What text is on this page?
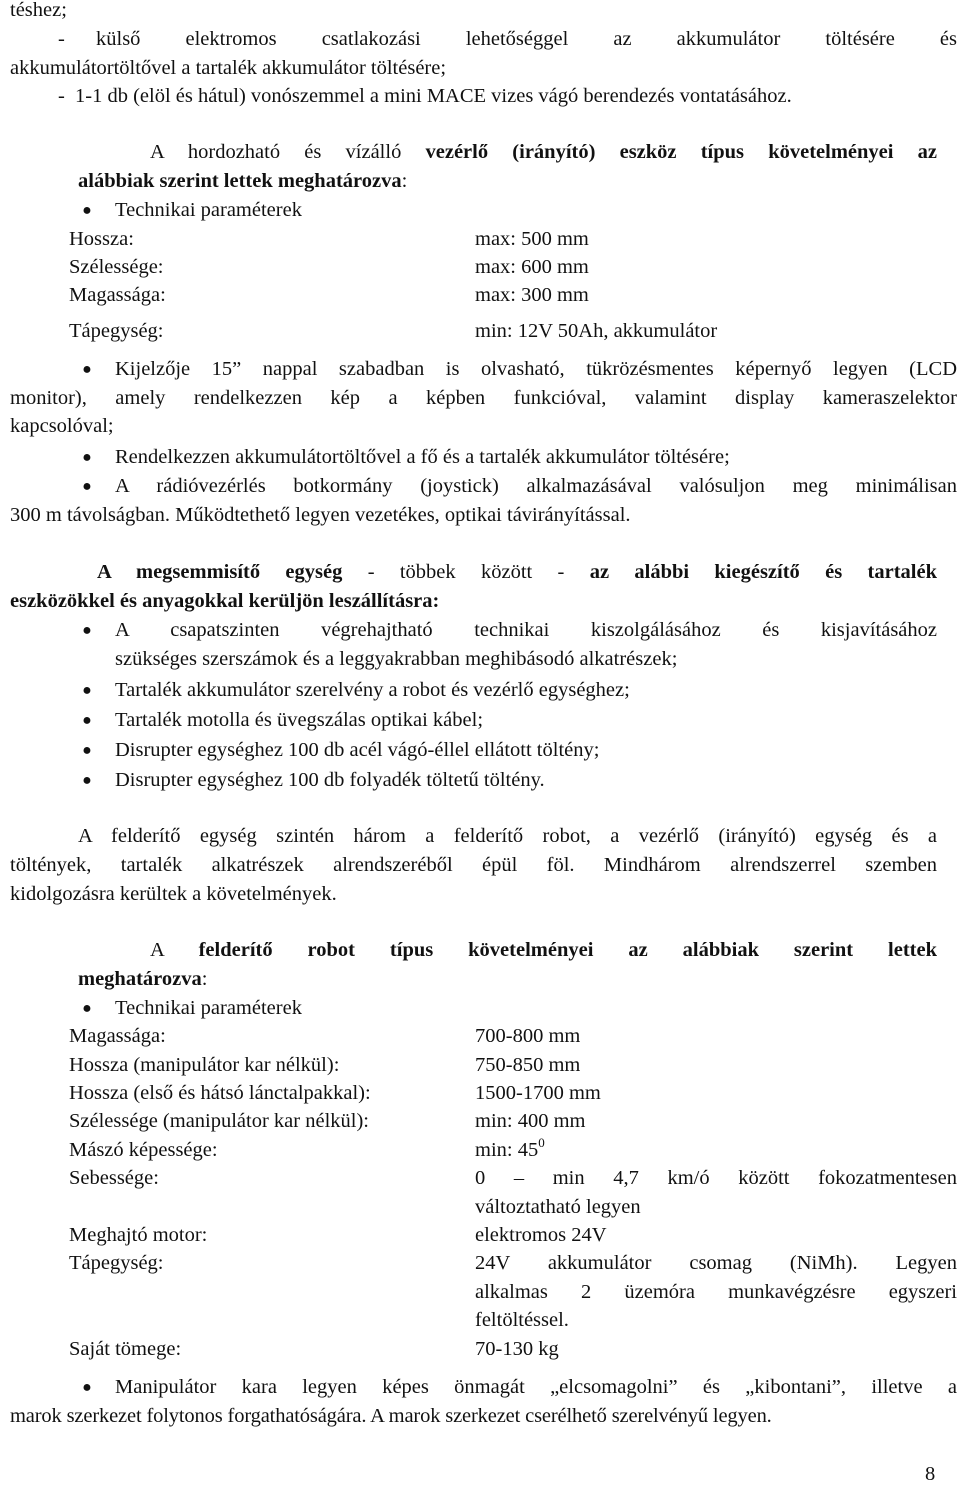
téshez;
- külső elektromos csatlakozási lehetőséggel az akkumulátor töltésére és
akkumulátortöltővel a tartalék akkumulátor töltésére;
- 1-1 db (elöl és hátul) vonószemmel a mini MACE vizes vágó berendezés vontatásához.
A hordozható és vízálló vezérlő (irányító) eszköz típus követelményei az
alábbiak szerint lettek meghatározva:
● Technikai paraméterek
Hossza:	max: 500 mm
Szélessége:	max: 600 mm
Magassága:	max: 300 mm
Tápegység:	min: 12V 50Ah, akkumulátor
● Kijelzője 15” nappal szabadban is olvasható, tükrözésmentes képernyő legyen (LCD
monitor), amely rendelkezzen kép a képben funkcióval, valamint display kameraszelektor
kapcsolóval;
● Rendelkezzen akkumulátortöltővel a fő és a tartalék akkumulátor töltésére;
● A rádióvezérlés botkormány (joystick) alkalmazásával valósuljon meg minimálisan
300 m távolságban. Működtethető legyen vezetékes, optikai távirányítással.
A megsemmisítő egység - többek között - az alábbi kiegészítő és tartalék
eszközökkel és anyagokkal kerüljön leszállításra:
● A csapatszinten végrehajtható technikai kiszolgálásához és kisjavításához
szükséges szerszámok és a leggyakrabban meghibásodó alkatrészek;
● Tartalék akkumulátor szerelvény a robot és vezérlő egységhez;
● Tartalék motolla és üvegszálas optikai kábel;
● Disrupter egységhez 100 db acél vágó-éllel ellátott töltény;
● Disrupter egységhez 100 db folyadék töltetű töltény.
A felderítő egység szintén három a felderítő robot, a vezérlő (irányító) egység és a
töltények, tartalék alkatrészek alrendszeréből épül föl. Mindhárom alrendszerrel szemben
kidolgozásra kerültek a követelmények.
A felderítő robot típus követelményei az alábbiak szerint lettek
meghatározva:
● Technikai paraméterek
Magassága:	700-800 mm
Hossza (manipulátor kar nélkül):	750-850 mm
Hossza (első és hátsó lánctalpakkal):	1500-1700 mm
Szélessége (manipulátor kar nélkül):	min: 400 mm
Mászó képessége:	min: $45^0$
Sebessége:	0 – min 4,7 km/ó között fokozatmentesen
változtatható legyen
Meghajtó motor:	elektromos 24V
Tápegység:	24V akkumulátor csomag (NiMh). Legyen
alkalmas 2 üzemóra munkavégzésre egyszeri
feltöltéssel.
Saját tömege:	70-130 kg
● Manipulátor kara legyen képes önmagát „elcsomagolni” és „kibontani”, illetve a
marok szerkezet folytonos forgathatóságára. A marok szerkezet cserélhető szerelvényű legyen.
8
